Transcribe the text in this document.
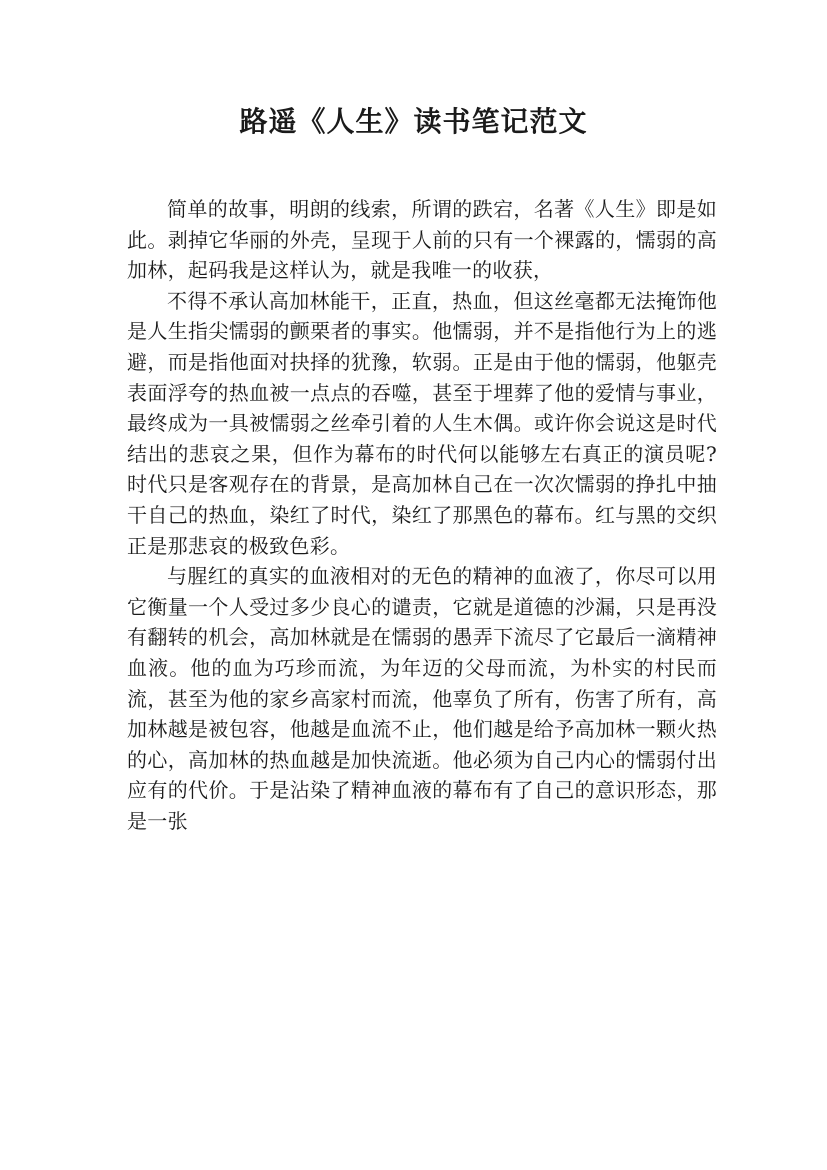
路遥《人生》读书笔记范文

简单的故事，明朗的线索，所谓的跌宕，名著《人生》即是如此。剥掉它华丽的外壳，呈现于人前的只有一个裸露的，懦弱的高加林，起码我是这样认为，就是我唯一的收获，

不得不承认高加林能干，正直，热血，但这丝毫都无法掩饰他是人生指尖懦弱的颤栗者的事实。他懦弱，并不是指他行为上的逃避，而是指他面对抉择的犹豫，软弱。正是由于他的懦弱，他躯壳表面浮夸的热血被一点点的吞噬，甚至于埋葬了他的爱情与事业，最终成为一具被懦弱之丝牵引着的人生木偶。或许你会说这是时代结出的悲哀之果，但作为幕布的时代何以能够左右真正的演员呢?时代只是客观存在的背景，是高加林自己在一次次懦弱的挣扎中抽干自己的热血，染红了时代，染红了那黑色的幕布。红与黑的交织正是那悲哀的极致色彩。

与腥红的真实的血液相对的无色的精神的血液了，你尽可以用它衡量一个人受过多少良心的谴责，它就是道德的沙漏，只是再没有翻转的机会，高加林就是在懦弱的愚弄下流尽了它最后一滴精神血液。他的血为巧珍而流，为年迈的父母而流，为朴实的村民而流，甚至为他的家乡高家村而流，他辜负了所有，伤害了所有，高加林越是被包容，他越是血流不止，他们越是给予高加林一颗火热的心，高加林的热血越是加快流逝。他必须为自己内心的懦弱付出应有的代价。于是沾染了精神血液的幕布有了自己的意识形态，那是一张
